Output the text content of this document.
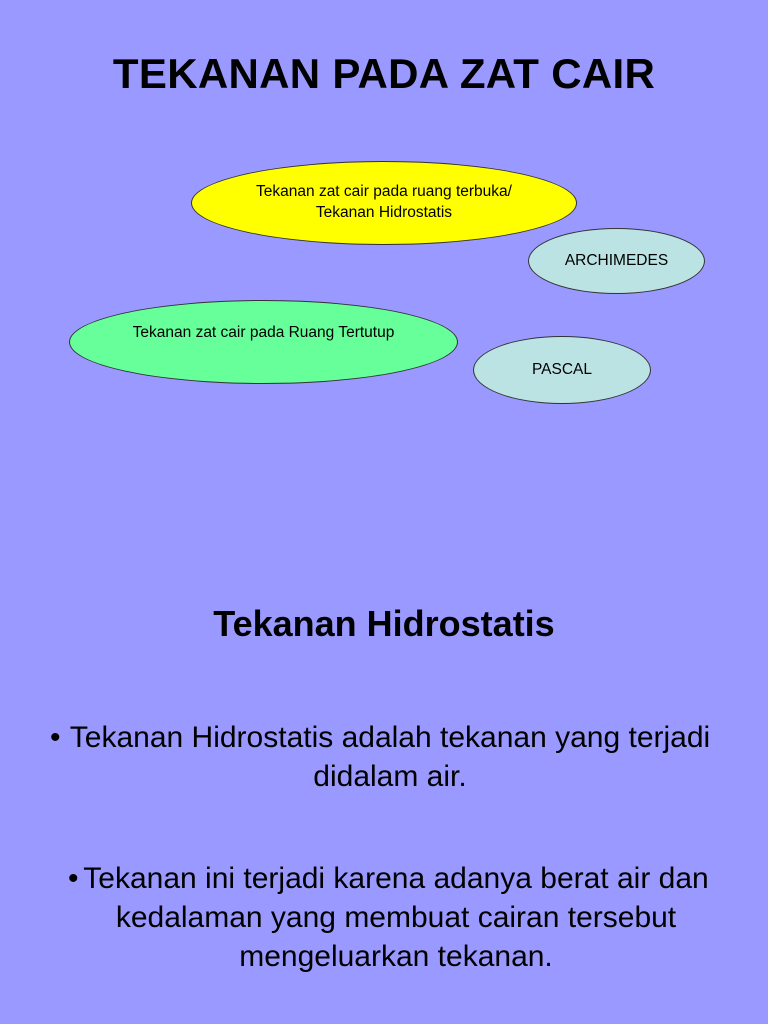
TEKANAN PADA ZAT CAIR
Tekanan zat cair pada ruang terbuka/
Tekanan Hidrostatis
ARCHIMEDES
Tekanan zat cair pada Ruang Tertutup
PASCAL
Tekanan Hidrostatis
• Tekanan Hidrostatis adalah tekanan yang terjadi didalam air.
• Tekanan ini terjadi karena adanya berat air dan kedalaman yang membuat cairan tersebut mengeluarkan tekanan.
